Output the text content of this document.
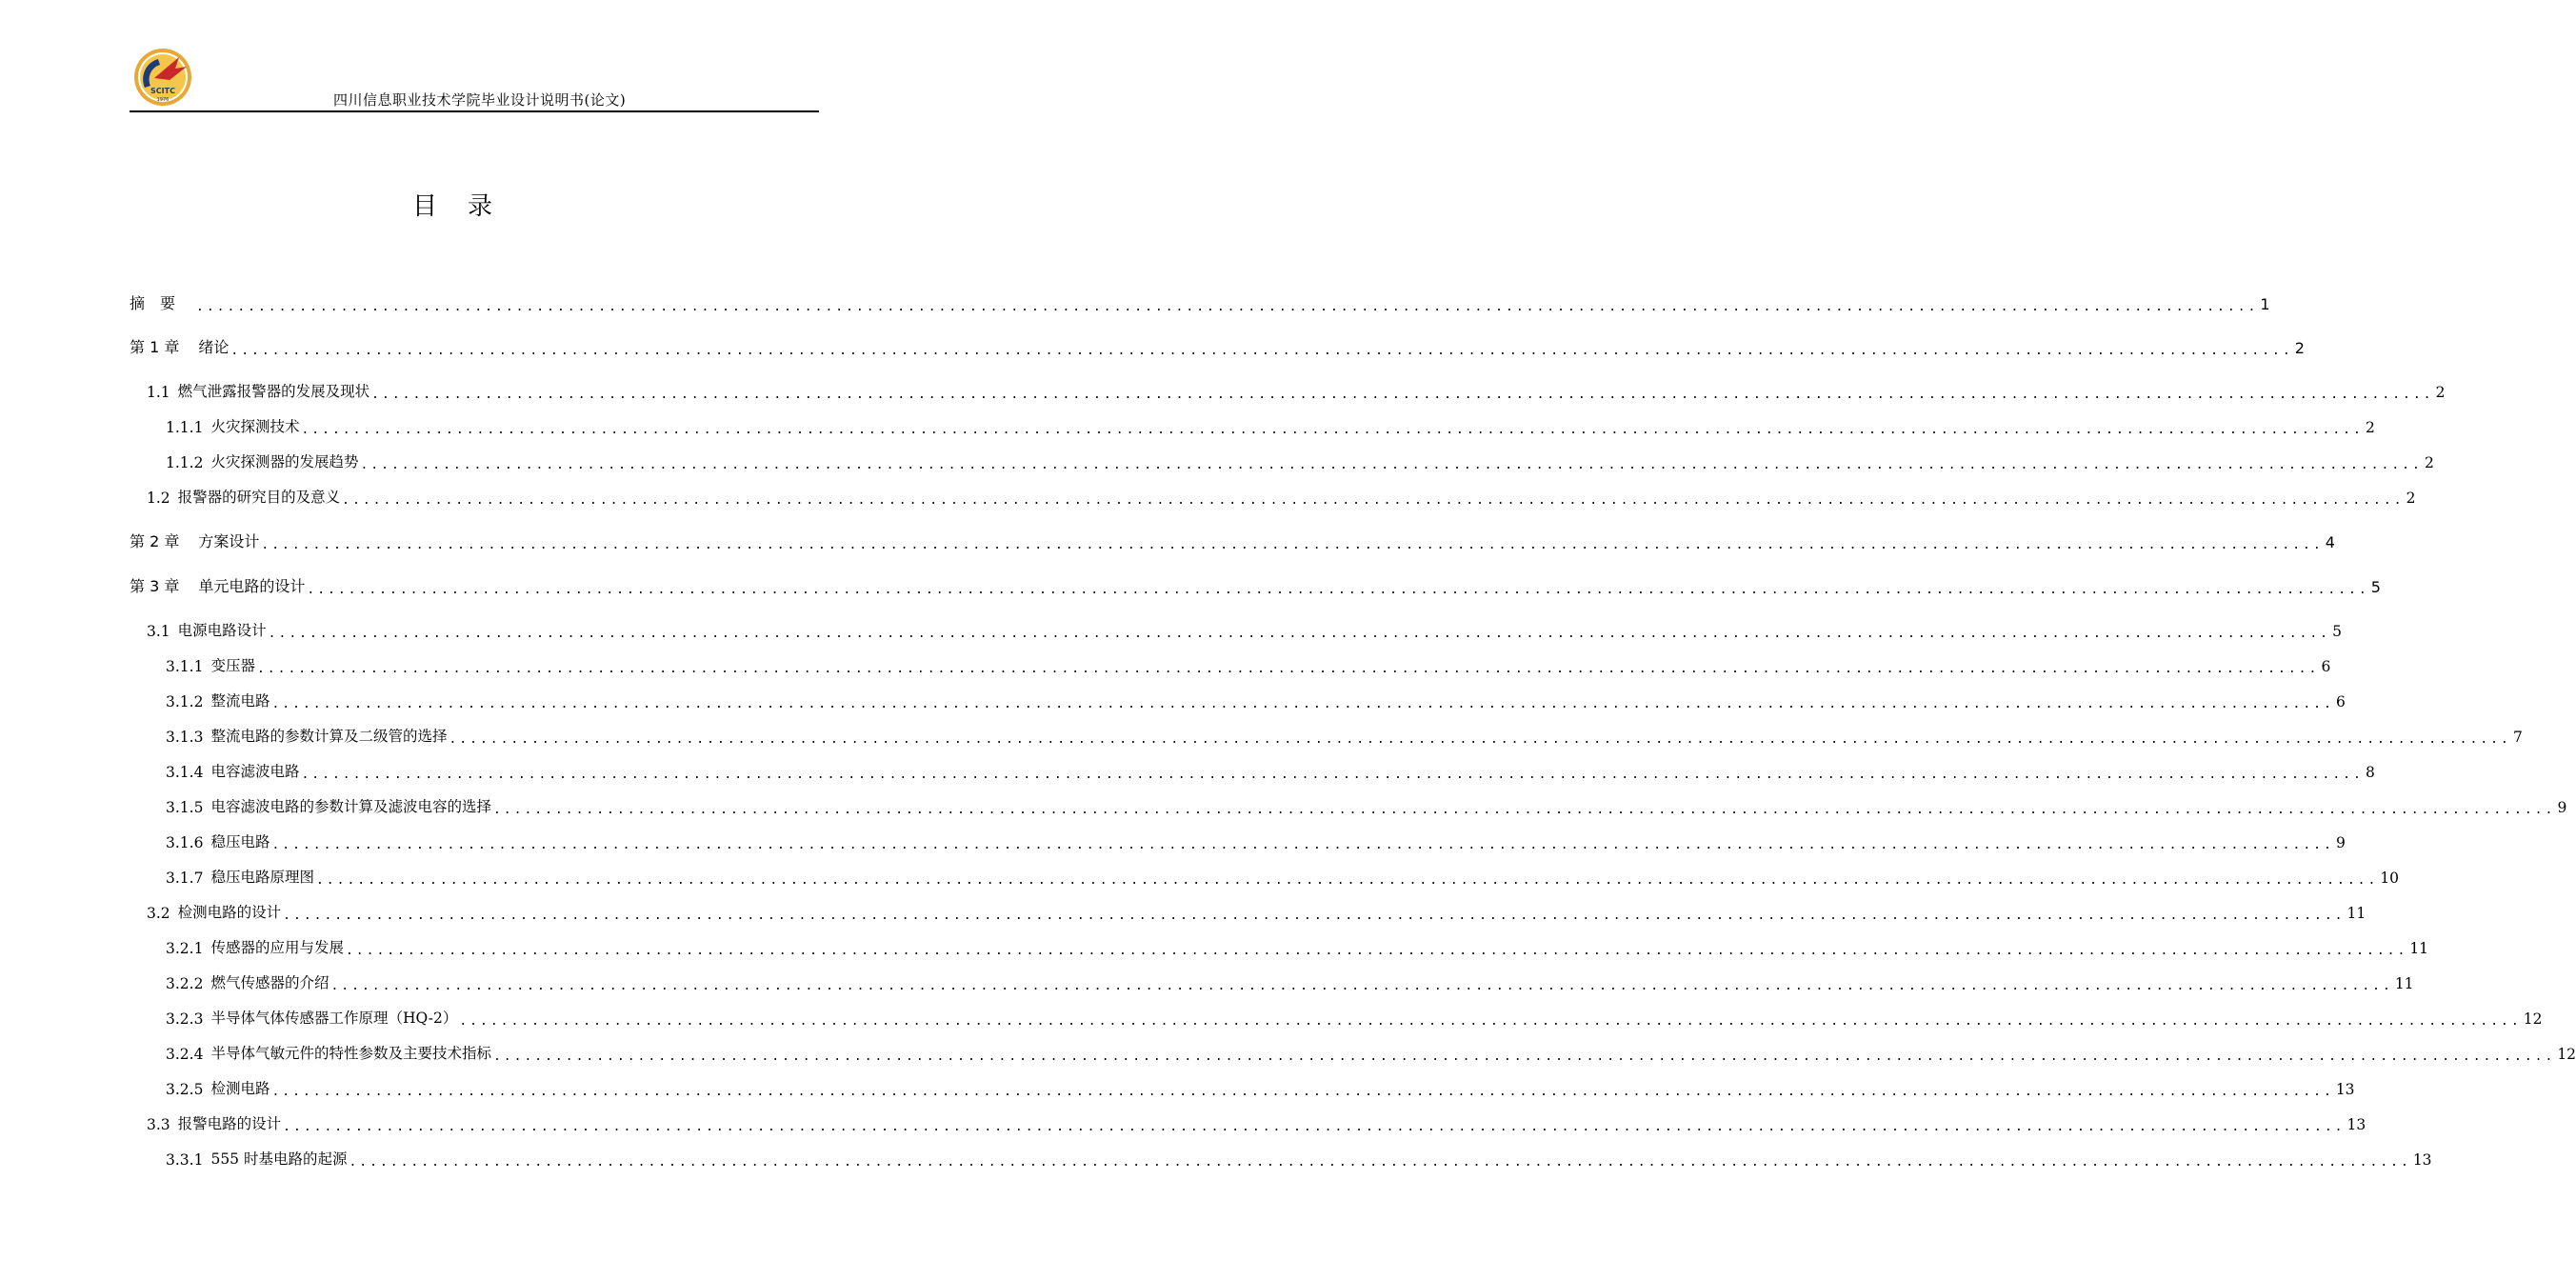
SCITC
1976	四川信息职业技术学院毕业设计说明书(论文)
目录
摘　要 ........................................................................................................................................................................................................ 1
第 1 章 绪论 ........................................................................................................................................................................................................ 2
1.1 燃气泄露报警器的发展及现状 ........................................................................................................................................................................................................ 2
1.1.1 火灾探测技术 ........................................................................................................................................................................................................ 2
1.1.2 火灾探测器的发展趋势 ........................................................................................................................................................................................................ 2
1.2 报警器的研究目的及意义 ........................................................................................................................................................................................................ 2
第 2 章 方案设计 ........................................................................................................................................................................................................ 4
第 3 章 单元电路的设计 ........................................................................................................................................................................................................ 5
3.1 电源电路设计 ........................................................................................................................................................................................................ 5
3.1.1 变压器 ........................................................................................................................................................................................................ 6
3.1.2 整流电路 ........................................................................................................................................................................................................ 6
3.1.3 整流电路的参数计算及二级管的选择 ........................................................................................................................................................................................................ 7
3.1.4 电容滤波电路 ........................................................................................................................................................................................................ 8
3.1.5 电容滤波电路的参数计算及滤波电容的选择 ........................................................................................................................................................................................................ 9
3.1.6 稳压电路 ........................................................................................................................................................................................................ 9
3.1.7 稳压电路原理图 ........................................................................................................................................................................................................ 10
3.2 检测电路的设计 ........................................................................................................................................................................................................ 11
3.2.1 传感器的应用与发展 ........................................................................................................................................................................................................ 11
3.2.2 燃气传感器的介绍 ........................................................................................................................................................................................................ 11
3.2.3 半导体气体传感器工作原理（HQ-2） ........................................................................................................................................................................................................ 12
3.2.4 半导体气敏元件的特性参数及主要技术指标 ........................................................................................................................................................................................................ 12
3.2.5 检测电路 ........................................................................................................................................................................................................ 13
3.3 报警电路的设计 ........................................................................................................................................................................................................ 13
3.3.1 555 时基电路的起源 ........................................................................................................................................................................................................ 13
